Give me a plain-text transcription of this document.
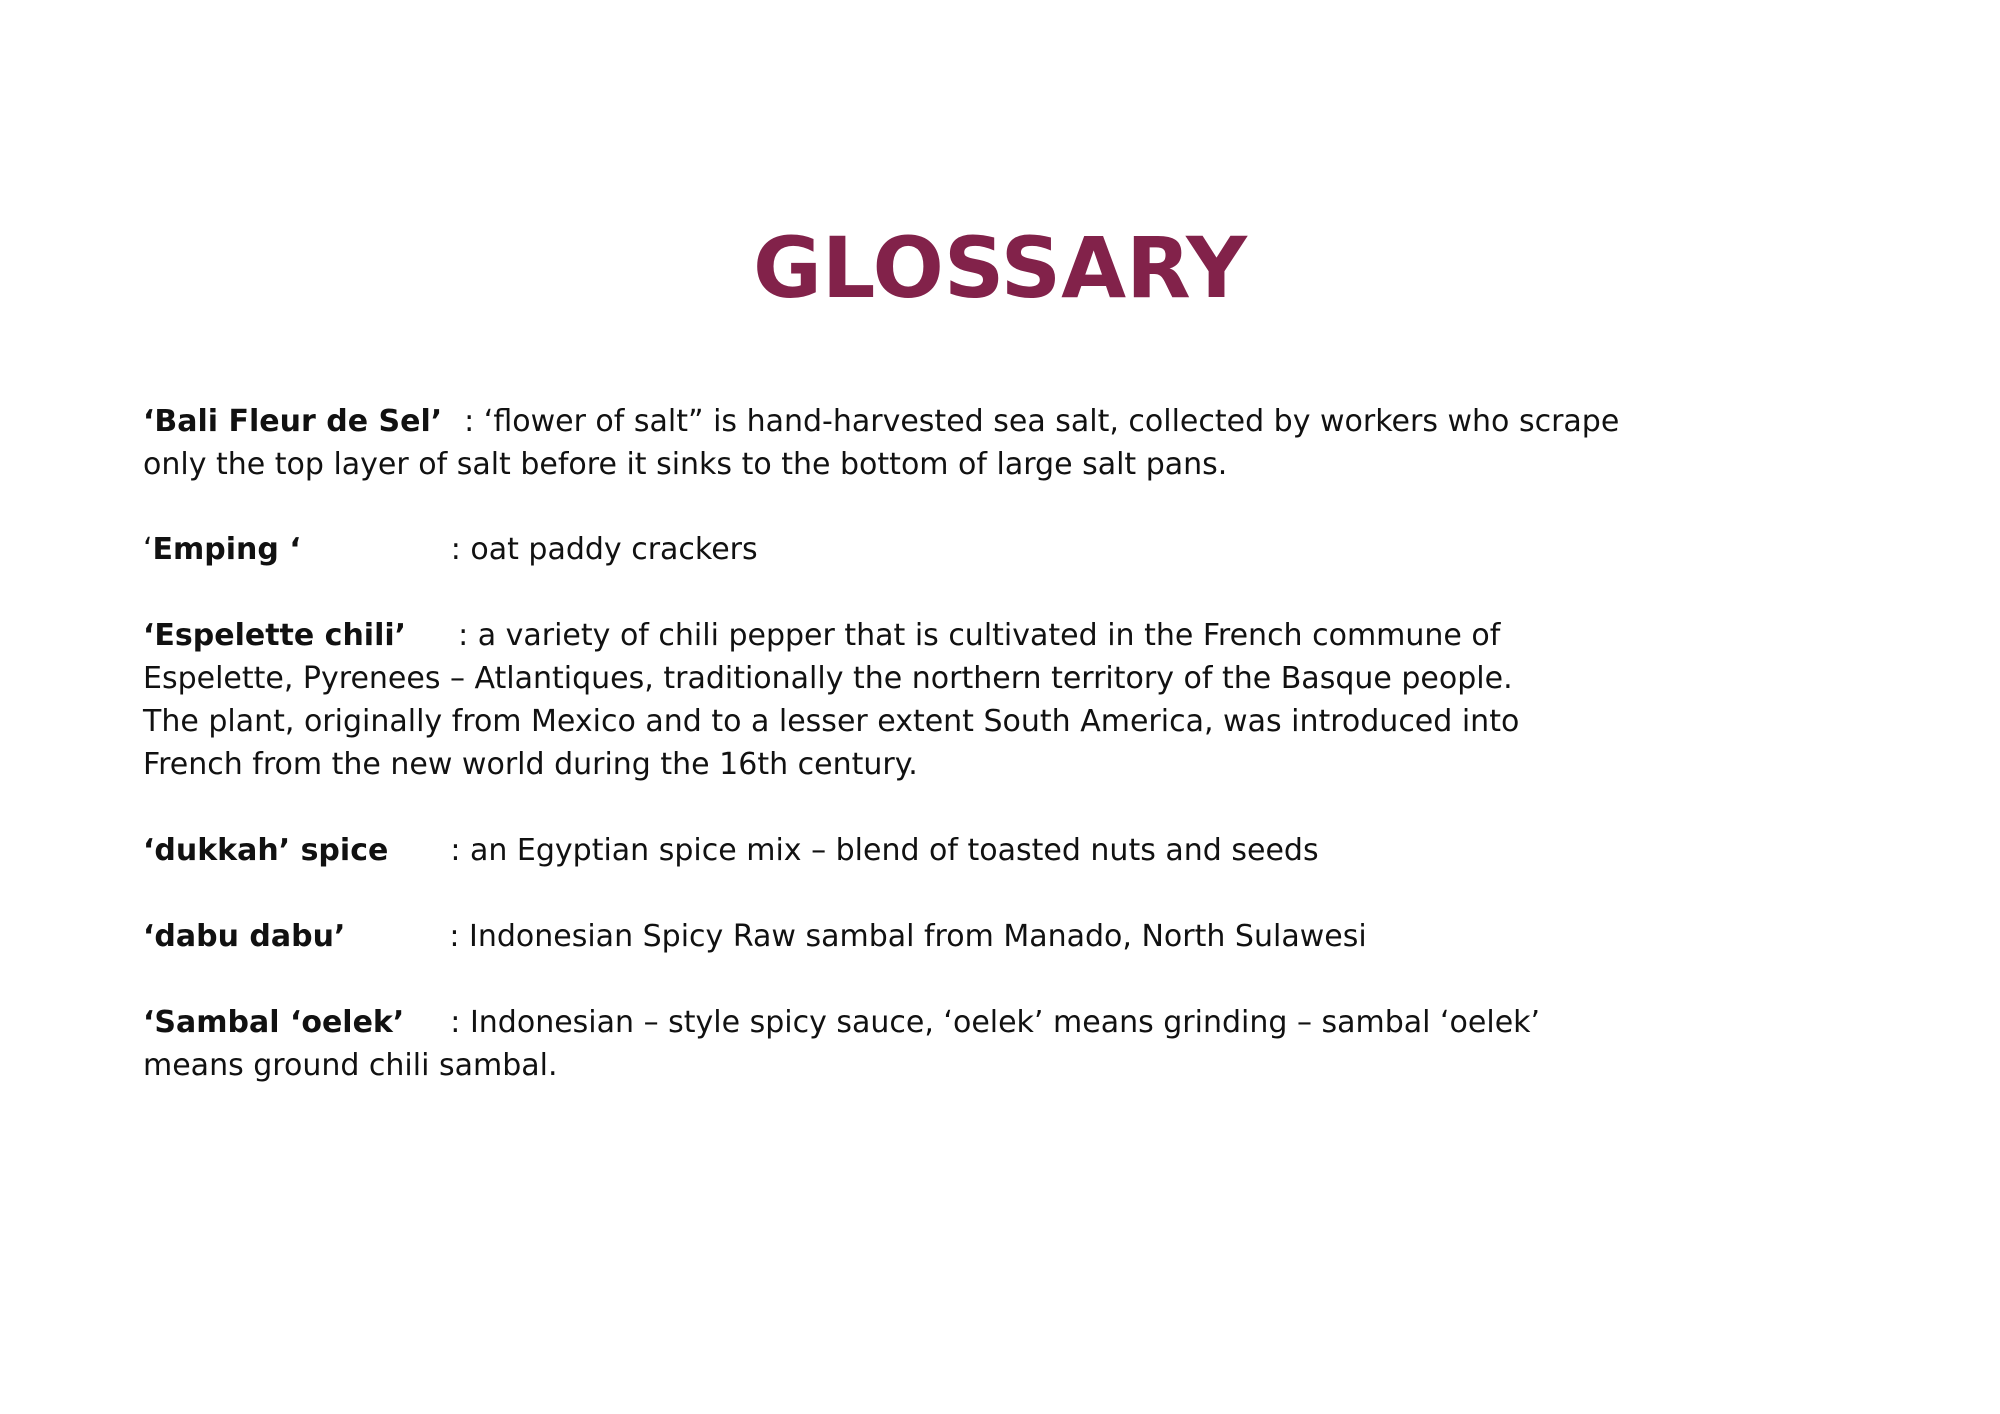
GLOSSARY
‘Bali Fleur de Sel’ : ‘flower of salt” is hand-harvested sea salt, collected by workers who scrape
only the top layer of salt before it sinks to the bottom of large salt pans.
‘Emping ‘	: oat paddy crackers
‘Espelette chili’ : a variety of chili pepper that is cultivated in the French commune of
Espelette, Pyrenees – Atlantiques, traditionally the northern territory of the Basque people.
The plant, originally from Mexico and to a lesser extent South America, was introduced into
French from the new world during the 16th century.
‘dukkah’ spice : an Egyptian spice mix – blend of toasted nuts and seeds
‘dabu dabu’	: Indonesian Spicy Raw sambal from Manado, North Sulawesi
‘Sambal ‘oelek’ : Indonesian – style spicy sauce, ‘oelek’ means grinding – sambal ‘oelek’
means ground chili sambal.
